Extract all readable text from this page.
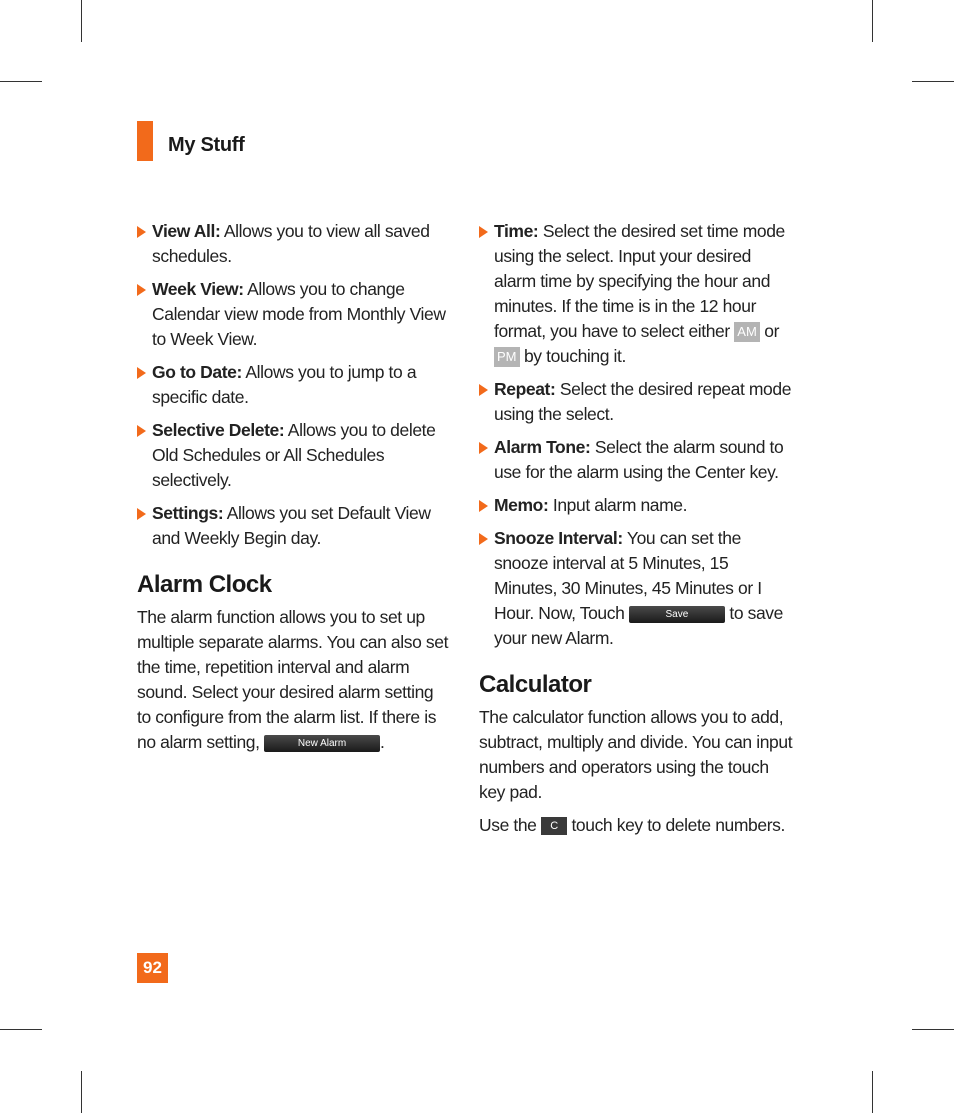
My Stuff
View All: Allows you to view all saved schedules.
Week View: Allows you to change Calendar view mode from Monthly View to Week View.
Go to Date: Allows you to jump to a specific date.
Selective Delete: Allows you to delete Old Schedules or All Schedules selectively.
Settings: Allows you set Default View and Weekly Begin day.
Alarm Clock
The alarm function allows you to set up multiple separate alarms. You can also set the time, repetition interval and alarm sound. Select your desired alarm setting to configure from the alarm list. If there is no alarm setting,	New Alarm .
Time: Select the desired set time mode using the select. Input your desired alarm time by specifying the hour and minutes. If the time is in the 12 hour format, you have to select either AM or PM by touching it.
Repeat: Select the desired repeat mode using the select.
Alarm Tone: Select the alarm sound to use for the alarm using the Center key.
Memo: Input alarm name.
Snooze Interval: You can set the snooze interval at 5 Minutes, 15 Minutes, 30 Minutes, 45 Minutes or I Hour. Now, Touch	Save to save your new Alarm.
Calculator
The calculator function allows you to add, subtract, multiply and divide. You can input numbers and operators using the touch key pad.
Use the C touch key to delete numbers.
92
